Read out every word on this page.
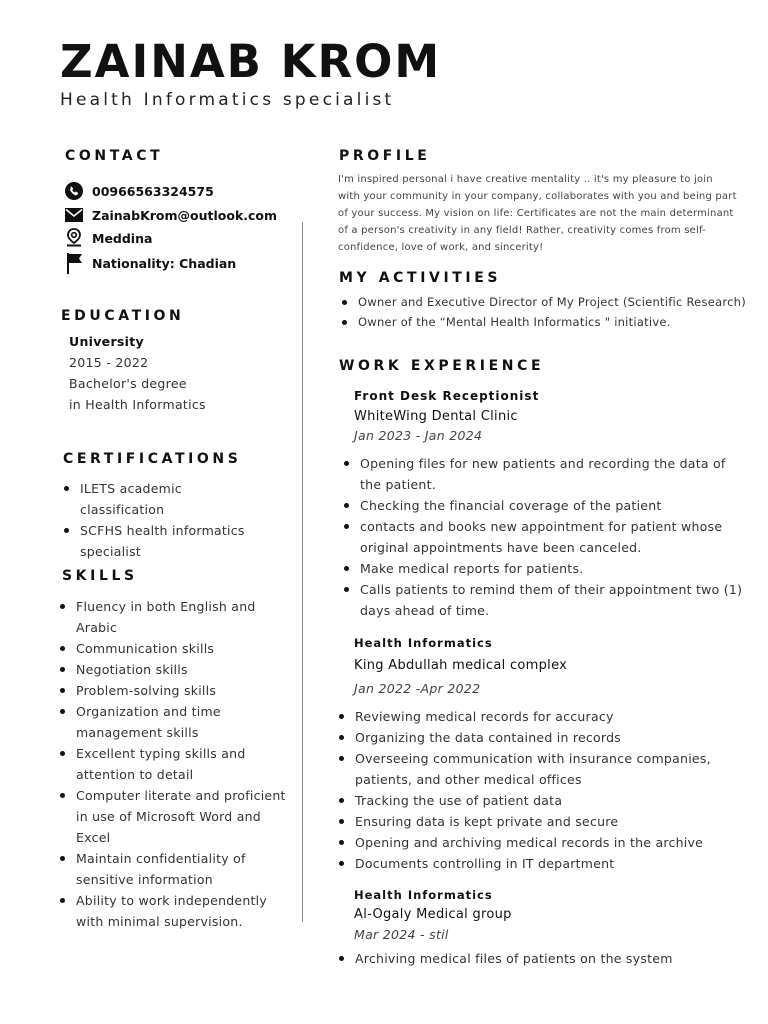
ZAINAB KROM
Health Informatics specialist
CONTACT
00966563324575
ZainabKrom@outlook.com
Meddina
Nationality: Chadian
EDUCATION
University
2015 - 2022
Bachelor's degree
in Health Informatics
CERTIFICATIONS
ILETS academic classification
SCFHS health informatics specialist
SKILLS
Fluency in both English and Arabic
Communication skills
Negotiation skills
Problem-solving skills
Organization and time management skills
Excellent typing skills and attention to detail
Computer literate and proficient in use of Microsoft Word and Excel
Maintain confidentiality of sensitive information
Ability to work independently with minimal supervision.
PROFILE
I'm inspired personal i have creative mentality .. it's my pleasure to join with your community in your company, collaborates with you and being part of your success. My vision on life: Certificates are not the main determinant of a person's creativity in any field! Rather, creativity comes from self-confidence, love of work, and sincerity!
MY ACTIVITIES
Owner and Executive Director of My Project (Scientific Research)
Owner of the “Mental Health Informatics " initiative.
WORK EXPERIENCE
Front Desk Receptionist
WhiteWing Dental Clinic
Jan 2023 - Jan 2024
Opening files for new patients and recording the data of the patient.
Checking the financial coverage of the patient
contacts and books new appointment for patient whose original appointments have been canceled.
Make medical reports for patients.
Calls patients to remind them of their appointment two (1) days ahead of time.
Health Informatics
King Abdullah medical complex
Jan 2022 -Apr 2022
Reviewing medical records for accuracy
Organizing the data contained in records
Overseeing communication with insurance companies, patients, and other medical offices
Tracking the use of patient data
Ensuring data is kept private and secure
Opening and archiving medical records in the archive
Documents controlling in IT department
Health Informatics
Al-Ogaly Medical group
Mar 2024 - stil
Archiving medical files of patients on the system
